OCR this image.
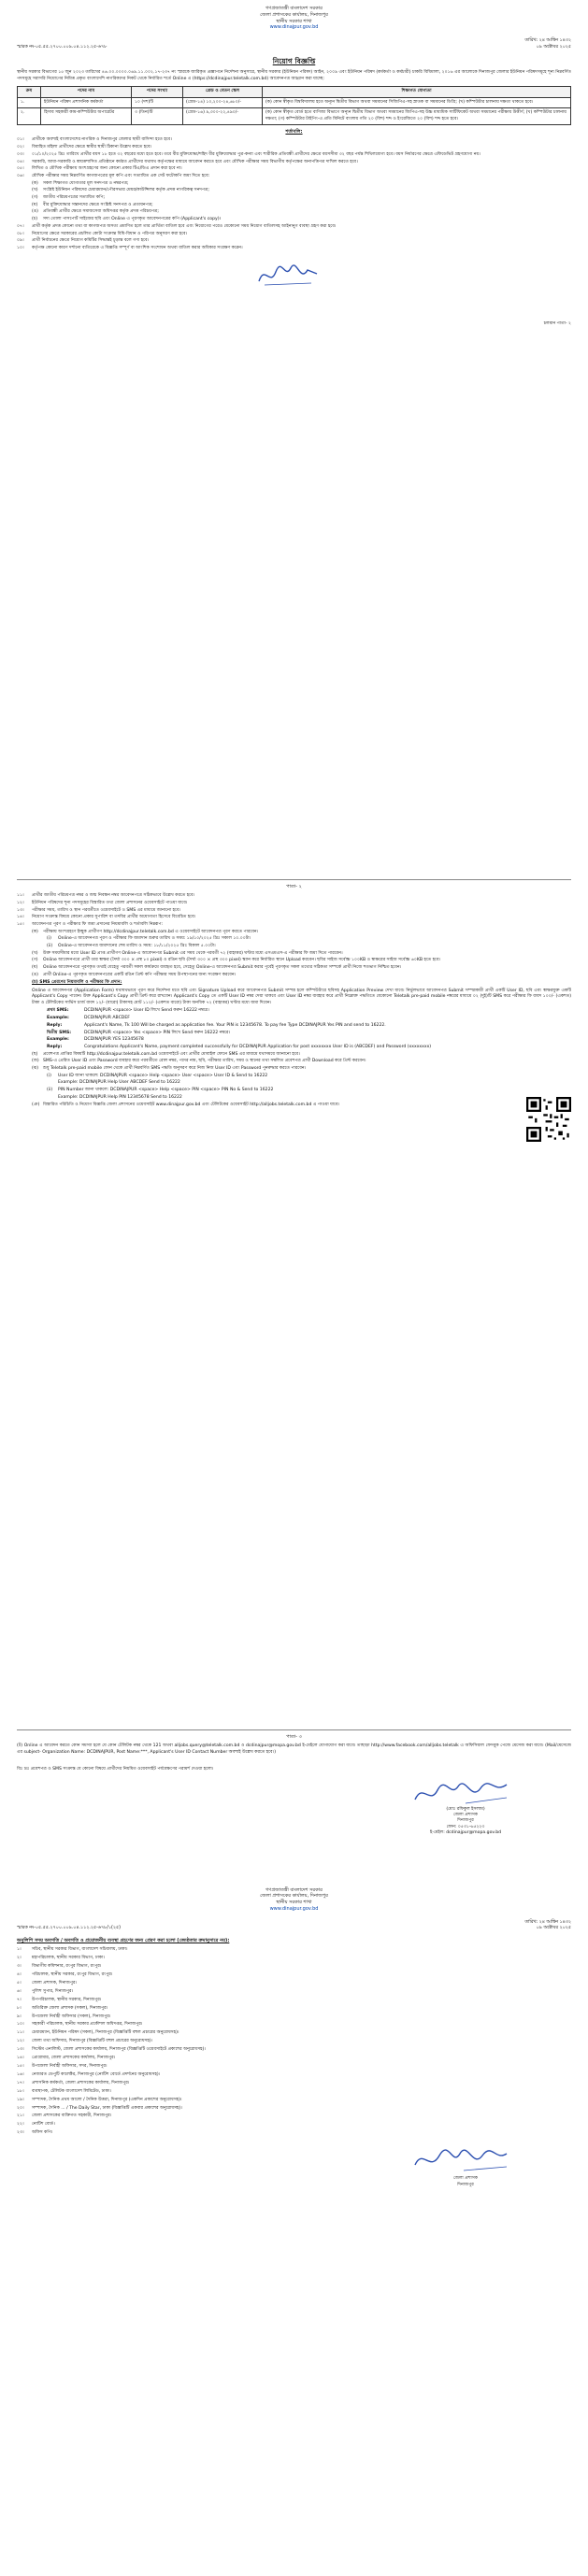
গণপ্রজাতন্ত্রী বাংলাদেশ সরকার
জেলা প্রশাসকের কার্যালয়, দিনাজপুর
স্থানীয় সরকার শাখা
www.dinajpur.gov.bd
তারিখ: ২৪ আশ্বিন ১৪৩২
স্মারক নং-০৫.৫৫.২৭০০.০০৯.০৪.১১২.২৫-৬৭৮	০৯ অক্টোবর ২০২৫
নিয়োগ বিজ্ঞপ্তি
স্থানীয় সরকার বিভাগের ১৫ জুন ২০২৩ তারিখের ৪৬.০০.০০০০.০৬৯.১১.০০২.১৭-২৩৭ নং স্মারকে জারিকৃত প্রজ্ঞাপনে নির্দেশনা অনুসারে, স্থানীয় সরকার (ইউনিয়ন পরিষদ) আইন, ২০০৯ এবং ইউনিয়ন পরিষদ (কর্মকর্তা ও কর্মচারী) চাকরি বিধিমালা, ২০১৬ এর আলোকে দিনাজপুর জেলার ইউনিয়ন পরিষদসমূহে শূন্য নিম্নবর্ণিত পদসমূহে সরাসরি নিয়োগের নিমিত্ত প্রকৃত বাংলাদেশি নাগরিকদের নিকট থেকে নির্ধারিত শর্তে Online এ (https://dcdinajpur.teletalk.com.bd) আবেদনপত্র আহ্বান করা যাচ্ছে:
ক্রম	পদের নাম	পদের সংখ্যা	গ্রেড ও বেতন স্কেল	শিক্ষাগত যোগ্যতা
১.	ইউনিয়ন পরিষদ প্রশাসনিক কর্মকর্তা	১০ (দশ)টি	(গ্রেড-১৪) ১০,২০০-২৪,৬৮০/-	(ক) কোন স্বীকৃত বিশ্ববিদ্যালয় হতে অন্যূন দ্বিতীয় বিভাগ অথবা সমমানের সিজিপিএ-সহ স্নাতক বা সমমানের ডিগ্রি; (খ) কম্পিউটার চালনায় দক্ষতা থাকতে হবে।
২.	হিসাব সহকারী কাম-কম্পিউটার অপারেটর	৩ (তিন)টি	(গ্রেড-১৬) ৯,৩০০-২২,৪৯০/-	(ক) কোন স্বীকৃত বোর্ড হতে বাণিজ্য বিভাগে অন্যূন দ্বিতীয় বিভাগ অথবা সমমানের জিপিএ-সহ উচ্চ মাধ্যমিক সার্টিফিকেট অথবা সমমানের পরীক্ষায় উত্তীর্ণ; (খ) কম্পিউটার চালনায় দক্ষতা; (গ) কম্পিউটার টাইপিং-এ প্রতি মিনিটে বাংলায় গতি ২০ (বিশ) শব্দ ও ইংরেজিতে ২০ (বিশ) শব্দ হতে হবে।
শর্তাবলি:
০১।	প্রার্থীকে অবশ্যই বাংলাদেশের নাগরিক ও দিনাজপুর জেলার স্থায়ী বাসিন্দা হতে হবে।
০২।	বিবাহিত মহিলা প্রার্থীদের ক্ষেত্রে স্বামীর স্থায়ী ঠিকানা উল্লেখ করতে হবে।
০৩।	০১/১০/২০২৫ খ্রিঃ তারিখে প্রার্থীর বয়স ১৮ হতে ৩২ বছরের মধ্যে হতে হবে। তবে বীর মুক্তিযোদ্ধা/শহিদ বীর মুক্তিযোদ্ধার পুত্র-কন্যা এবং শারীরিক প্রতিবন্ধী প্রার্থীদের ক্ষেত্রে বয়সসীমা ৩২ বছর পর্যন্ত শিথিলযোগ্য হবে। বয়স নির্ধারণের ক্ষেত্রে এফিডেভিট গ্রহণযোগ্য নয়।
০৪।	সরকারি, আধা-সরকারি ও স্বায়ত্তশাসিত প্রতিষ্ঠানে কর্মরত প্রার্থীদের যথাযথ কর্তৃপক্ষের মাধ্যমে আবেদন করতে হবে এবং মৌখিক পরীক্ষার সময় বিভাগীয় কর্তৃপক্ষের অনাপত্তিপত্র দাখিল করতে হবে।
০৫।	লিখিত ও মৌখিক পরীক্ষায় অংশগ্রহণের জন্য কোনো প্রকার টিএ/ডিএ প্রদান করা হবে না।
০৬।	মৌখিক পরীক্ষার সময় নিম্নবর্ণিত কাগজপত্রের মূল কপি এবং সত্যায়িত এক সেট ফটোকপি জমা দিতে হবে:
(ক)	সকল শিক্ষাগত যোগ্যতার মূল সনদপত্র ও নম্বরপত্র;
(খ)	সংশ্লিষ্ট ইউনিয়ন পরিষদের চেয়ারম্যান/পৌরসভার মেয়র/কাউন্সিলর কর্তৃক প্রদত্ত নাগরিকত্ব সনদপত্র;
(গ)	জাতীয় পরিচয়পত্রের সত্যায়িত কপি;
(ঘ)	বীর মুক্তিযোদ্ধার সন্তানদের ক্ষেত্রে সংশ্লিষ্ট সনদপত্র ও প্রত্যয়নপত্র;
(ঙ)	প্রতিবন্ধী প্রার্থীর ক্ষেত্রে সমাজসেবা অধিদপ্তর কর্তৃক প্রদত্ত পরিচয়পত্র;
(চ)	সদ্য তোলা পাসপোর্ট সাইজের ছবি এবং Online এ পূরণকৃত আবেদনপত্রের কপি (Applicant's copy)।
০৭।	প্রার্থী কর্তৃক প্রদত্ত কোনো তথ্য বা কাগজপত্র অসত্য প্রমাণিত হলে তার প্রার্থিতা বাতিল হবে এবং নিয়োগের পরেও যেকোনো সময় নিয়োগ বাতিলসহ আইনানুগ ব্যবস্থা গ্রহণ করা হবে।
০৮।	নিয়োগের ক্ষেত্রে সরকারের প্রচলিত কোটা সংক্রান্ত বিধি-বিধান ও পরিপত্র অনুসরণ করা হবে।
০৯।	প্রার্থী নির্বাচনের ক্ষেত্রে নিয়োগ কমিটির সিদ্ধান্তই চূড়ান্ত বলে গণ্য হবে।
১০।	কর্তৃপক্ষ কোনো কারণ দর্শানো ব্যতিরেকে এ বিজ্ঞপ্তি সম্পূর্ণ বা আংশিক সংশোধন অথবা বাতিল করার অধিকার সংরক্ষণ করেন।
চলমান পাতা- ২
পাতা- ২
১১।	প্রার্থীর জাতীয় পরিচয়পত্র নম্বর ও জন্ম নিবন্ধন নম্বর আবেদনপত্রে সঠিকভাবে উল্লেখ করতে হবে।
১২।	ইউনিয়ন পরিষদের শূন্য পদসমূহের বিস্তারিত তথ্য জেলা প্রশাসনের ওয়েবসাইটে পাওয়া যাবে।
১৩।	পরীক্ষার সময়, তারিখ ও স্থান পরবর্তীতে ওয়েবসাইটে ও SMS এর মাধ্যমে জানানো হবে।
১৪।	নিয়োগ সংক্রান্ত বিষয়ে কোনো প্রকার সুপারিশ বা তদবির প্রার্থীর অযোগ্যতা হিসেবে বিবেচিত হবে।
১৫।	আবেদনপত্র পূরণ ও পরীক্ষার ফি জমা প্রদানের নিয়মাবলি ও শর্তাবলি নিম্নরূপ:
(ক)	পরীক্ষায় অংশগ্রহণে ইচ্ছুক প্রার্থীগণ http://dcdinajpur.teletalk.com.bd এ ওয়েবসাইটে আবেদনপত্র পূরণ করতে পারবেন।
(i)	Online-এ আবেদনপত্র পূরণ ও পরীক্ষার ফি জমাদান শুরুর তারিখ ও সময়: ১৯/১০/২০২৫ খ্রিঃ সকাল ১০.০০টা।
(ii)	Online-এ আবেদনপত্র জমাদানের শেষ তারিখ ও সময়: ১৮/১১/২০২৫ খ্রিঃ বিকাল ৫.০০টা।
(খ)	উক্ত সময়সীমার মধ্যে User ID প্রাপ্ত প্রার্থীগণ Online-এ আবেদনপত্র Submit এর সময় থেকে পরবর্তী ৭২ (বাহাত্তর) ঘণ্টার মধ্যে এসএমএস-এ পরীক্ষার ফি জমা দিতে পারবেন।
(গ)	Online আবেদনপত্রে প্রার্থী তার স্বাক্ষর (দৈর্ঘ্য ৩০০ × প্রস্থ ৮০ pixel) ও রঙিন ছবি (দৈর্ঘ্য ৩০০ × প্রস্থ ৩০০ pixel) স্ক্যান করে নির্ধারিত স্থানে Upload করবেন। ছবির সাইজ সর্বোচ্চ ১০০KB ও স্বাক্ষরের সাইজ সর্বোচ্চ ৬০KB হতে হবে।
(ঘ)	Online আবেদনপত্রে পূরণকৃত তথ্যই যেহেতু পরবর্তী সকল কার্যক্রমে ব্যবহৃত হবে, সেহেতু Online-এ আবেদনপত্র Submit করার পূর্বেই পূরণকৃত সকল তথ্যের সঠিকতা সম্পর্কে প্রার্থী নিজে শতভাগ নিশ্চিত হবেন।
(ঙ)	প্রার্থী Online-এ পূরণকৃত আবেদনপত্রের একটি রঙিন প্রিন্ট কপি পরীক্ষার সময় উপস্থাপনের জন্য সংরক্ষণ করবেন।
(চ) SMS প্রেরণের নিয়মাবলি ও পরীক্ষার ফি প্রদান:
Online এ আবেদনপত্র (Application Form) যথাযথভাবে পূরণ করে নির্দেশনা মতে ছবি এবং Signature Upload করে আবেদনপত্র Submit সম্পন্ন হলে কম্পিউটারে ছবিসহ Application Preview দেখা যাবে। নির্ভুলভাবে আবেদনপত্র Submit সম্পন্নকারী প্রার্থী একটি User ID, ছবি এবং স্বাক্ষরযুক্ত একটি Applicant's Copy পাবেন। উক্ত Applicant's Copy প্রার্থী প্রিন্ট করে রাখবেন। Applicant's Copy তে একটি User ID নম্বর দেয়া থাকবে এবং User ID নম্বর ব্যবহার করে প্রার্থী নিম্নোক্ত পদ্ধতিতে যেকোনো Teletalk pre-paid mobile নম্বরের মাধ্যমে ০২ (দুই)টি SMS করে পরীক্ষার ফি বাবদ ১০০/- (একশত) টাকা ও টেলিটকের সার্ভিস চার্জ বাবদ ১২/- (বারো) টাকাসহ মোট ১১২/- (একশত বারো) টাকা অনধিক ৭২ (বাহাত্তর) ঘণ্টার মধ্যে জমা দিবেন।
প্রথম SMS:	DCDINAJPUR <space> User ID লিখে Send করুন 16222 নম্বরে।
Example:	DCDINAJPUR ABCDEF
Reply:	Applicant's Name, Tk 100 Will be charged as application fee. Your PIN is 12345678. To pay fee Type DCDINAJPUR Yes PIN and send to 16222.
দ্বিতীয় SMS:	DCDINAJPUR <space> Yes <space> PIN লিখে Send করুন 16222 নম্বরে।
Example:	DCDINAJPUR YES 12345678
Reply:	Congratulations Applicant's Name, payment completed successfully for DCDINAJPUR Application for post xxxxxxxx User ID is (ABCDEF) and Password (xxxxxxxx)
(ছ)	প্রবেশপত্র প্রাপ্তির বিষয়টি http://dcdinajpur.teletalk.com.bd ওয়েবসাইটে এবং প্রার্থীর মোবাইল ফোনে SMS এর মাধ্যমে যথাসময়ে জানানো হবে।
(জ) SMS-এ প্রেরিত User ID এবং Password ব্যবহার করে পরবর্তীতে রোল নম্বর, পদের নাম, ছবি, পরীক্ষার তারিখ, সময় ও স্থানের তথ্য সম্বলিত প্রবেশপত্র প্রার্থী Download করে প্রিন্ট করবেন।
(ঝ)	শুধু Teletalk pre-paid mobile ফোন থেকে প্রার্থী নিম্নবর্ণিত SMS পদ্ধতি অনুসরণ করে নিজ নিজ User ID এবং Password পুনরুদ্ধার করতে পারবেন।
(i)	User ID জানা থাকলে: DCDINAJPUR <space> Help <space> User <space> User ID & Send to 16222
Example: DCDINAJPUR Help User ABCDEF Send to 16222
(ii)	PIN Number জানা থাকলে: DCDINAJPUR <space> Help <space> PIN <space> PIN No & Send to 16222
Example: DCDINAJPUR Help PIN 12345678 Send to 16222
(ঞ) বিস্তারিত পরিচিতি ও নিয়োগ বিজ্ঞপ্তি জেলা প্রশাসনের ওয়েবসাইট www.dinajpur.gov.bd এবং টেলিটকের ওয়েবসাইট http://alljobs.teletalk.com.bd এ পাওয়া যাবে।
পাতা- ৩
(ট) Online এ আবেদন করতে কোন সমস্যা হলে যে কোন টেলিটক নম্বর থেকে 121 অথবা alljobs.query@teletalk.com.bd ও dcdinajpur@mopa.gov.bd ই-মেইলে যোগাযোগ করা যাবে। তাছাড়া http://www.facebook.com/alljobs.teletalk এ অফিসিয়াল ফেসবুক পেজে মেসেজ করা যাবে। (Mail/মেসেজে এর subject- Organization Name: DCDINAJPUR, Post Name:***, Applicant's User ID Contact Number অবশ্যই উল্লেখ করতে হবে।)
বিঃ দ্রঃ প্রবেশপত্র ও SMS সংক্রান্ত যে কোনো বিষয়ে প্রার্থীদের নিয়মিত ওয়েবসাইট পর্যবেক্ষণের পরামর্শ দেওয়া হলো।
(মোঃ রফিকুল ইসলাম)
জেলা প্রশাসক
দিনাজপুর
ফোন: ০৫৩১-৬৫২২৩
ই-মেইল: dcdinajpur@mopa.gov.bd
গণপ্রজাতন্ত্রী বাংলাদেশ সরকার
জেলা প্রশাসকের কার্যালয়, দিনাজপুর
স্থানীয় সরকার শাখা
www.dinajpur.gov.bd
তারিখ: ২৪ আশ্বিন ১৪৩২
স্মারক নং-০৫.৫৫.২৭০০.০০৯.০৪.১১২.২৫-৬৭৮/১(২৫)	০৯ অক্টোবর ২০২৫
অনুলিপি সদয় অবগতি / অবগতি ও প্রয়োজনীয় ব্যবস্থা গ্রহণের জন্য প্রেরণ করা হলো (জ্যেষ্ঠতার ক্রমানুসারে নয়):
১।	সচিব, স্থানীয় সরকার বিভাগ, বাংলাদেশ সচিবালয়, ঢাকা।
২।	মহাপরিচালক, স্থানীয় সরকার বিভাগ, ঢাকা।
৩।	বিভাগীয় কমিশনার, রংপুর বিভাগ, রংপুর।
৪।	পরিচালক, স্থানীয় সরকার, রংপুর বিভাগ, রংপুর।
৫।	জেলা প্রশাসক, দিনাজপুর।
৬।	পুলিশ সুপার, দিনাজপুর।
৭।	উপপরিচালক, স্থানীয় সরকার, দিনাজপুর।
৮।	অতিরিক্ত জেলা প্রশাসক (সকল), দিনাজপুর।
৯।	উপজেলা নির্বাহী অফিসার (সকল), দিনাজপুর।
১০।	সহকারী পরিচালক, স্থানীয় সরকার প্রকৌশল অধিদপ্তর, দিনাজপুর।
১১।	চেয়ারম্যান, ইউনিয়ন পরিষদ (সকল), দিনাজপুর (বিজ্ঞপ্তিটি বহুল প্রচারের অনুরোধসহ)।
১২।	জেলা তথ্য অফিসার, দিনাজপুর (বিজ্ঞপ্তিটি বহুল প্রচারের অনুরোধসহ)।
১৩।	সিস্টেম এনালিস্ট, জেলা প্রশাসকের কার্যালয়, দিনাজপুর (বিজ্ঞপ্তিটি ওয়েবসাইটে প্রকাশের অনুরোধসহ)।
১৪।	প্রোগ্রামার, জেলা প্রশাসকের কার্যালয়, দিনাজপুর।
১৫।	উপজেলা নির্বাহী অফিসার, সদর, দিনাজপুর।
১৬।	নেজারত ডেপুটি কালেক্টর, দিনাজপুর (নোটিশ বোর্ডে প্রদর্শনের অনুরোধসহ)।
১৭।	প্রশাসনিক কর্মকর্তা, জেলা প্রশাসকের কার্যালয়, দিনাজপুর।
১৮।	ব্যবস্থাপক, টেলিটক বাংলাদেশ লিমিটেড, ঢাকা।
১৯।	সম্পাদক, দৈনিক প্রথম আলো / দৈনিক উত্তরা, দিনাজপুর (একদিন প্রকাশের অনুরোধসহ)।
২০।	সম্পাদক, দৈনিক ... / The Daily Star, ঢাকা (বিজ্ঞপ্তিটি একবার প্রকাশের অনুরোধসহ)।
২১।	জেলা প্রশাসকের ব্যক্তিগত সহকারী, দিনাজপুর।
২২।	নোটিশ বোর্ড।
২৩।	অফিস কপি।
জেলা প্রশাসক
দিনাজপুর
